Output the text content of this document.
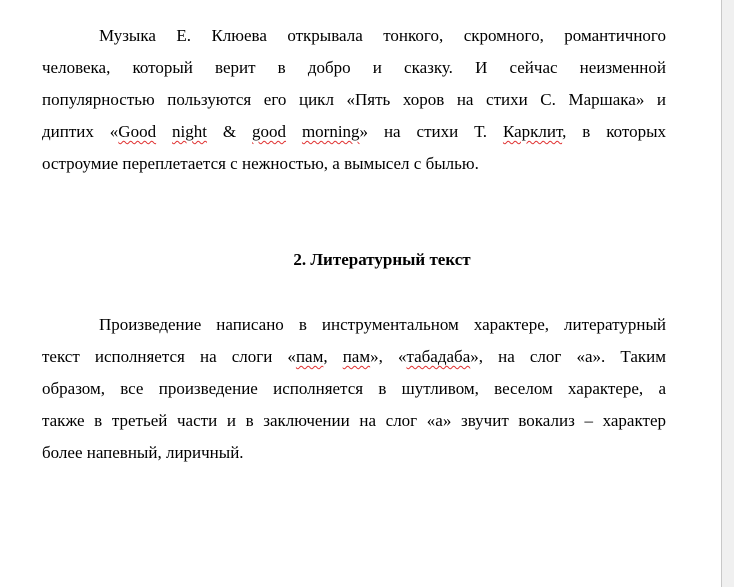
Музыка Е. Клюева открывала тонкого, скромного, романтичного
человека, который верит в добро и сказку. И сейчас неизменной
популярностью пользуются его цикл «Пять хоров на стихи С. Маршака» и
диптих «Good night & good morning» на стихи Т. Карклит, в которых
остроумие переплетается с нежностью, а вымысел с былью.
2. Литературный текст
Произведение написано в инструментальном характере, литературный
текст исполняется на слоги «пам, пам», «табадаба», на слог «а». Таким
образом, все произведение исполняется в шутливом, веселом характере, а
также в третьей части и в заключении на слог «а» звучит вокализ – характер
более напевный, лиричный.
